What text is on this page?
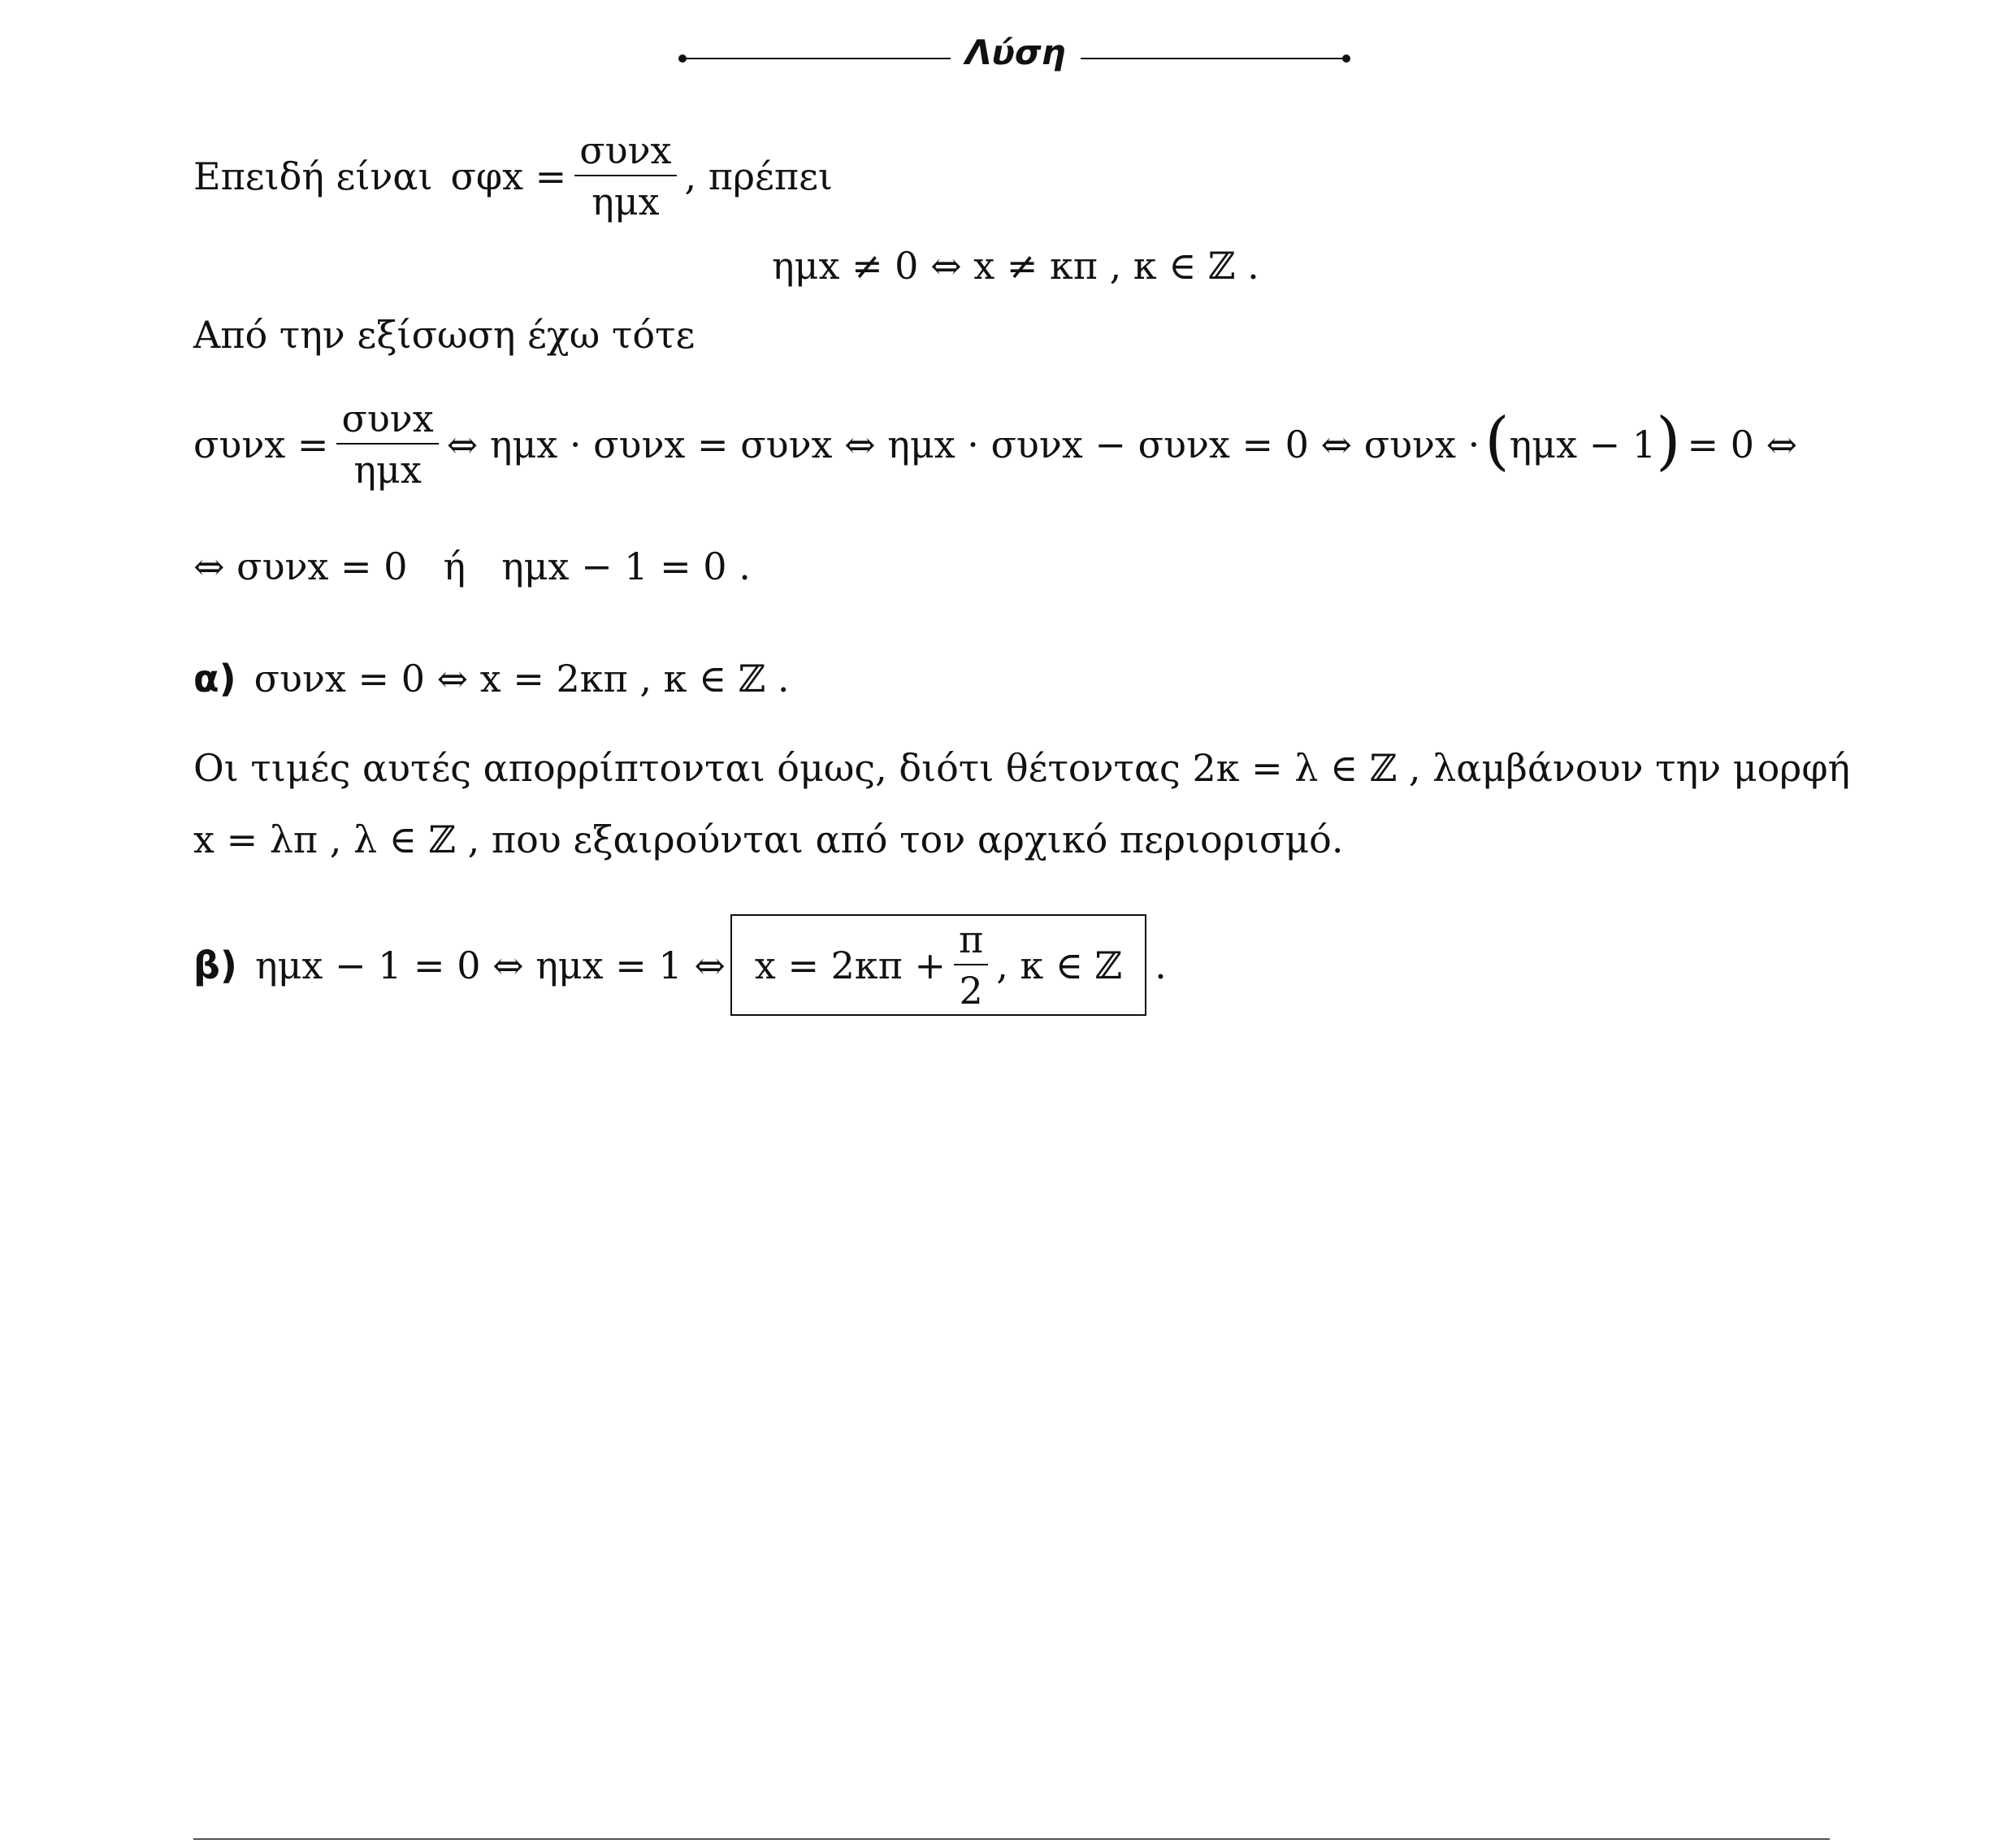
Λύση
Επειδή είναι $\sigma\varphi x = \frac{\text{συνx}}{\text{ημx}}$ , πρέπει
ημx ≠ 0 ⇔ x ≠ κπ , κ ∈ ℤ .
Από την εξίσωση έχω τότε
$\sigma\upsilon\nu x = \frac{\text{συνx}}{\text{ημx}}$ ⇔ ημx · συνx = συνx ⇔ ημx · συνx − συνx = 0 ⇔ συνx · ( ημx − 1 ) = 0 ⇔
⇔ συνx = 0 ή ημx − 1 = 0 .
α) συνx = 0 ⇔ x = 2κπ , κ ∈ ℤ .
Οι τιμές αυτές απορρίπτονται όμως, διότι θέτοντας 2κ = λ ∈ ℤ , λαμβάνουν την μορφή
x = λπ , λ ∈ ℤ , που εξαιρούνται από τον αρχικό περιορισμό.
β) ημx − 1 = 0 ⇔ ημx = 1 ⇔ $x = 2\kappa\pi + \frac{\pi}{2}$ , κ ∈ ℤ .
